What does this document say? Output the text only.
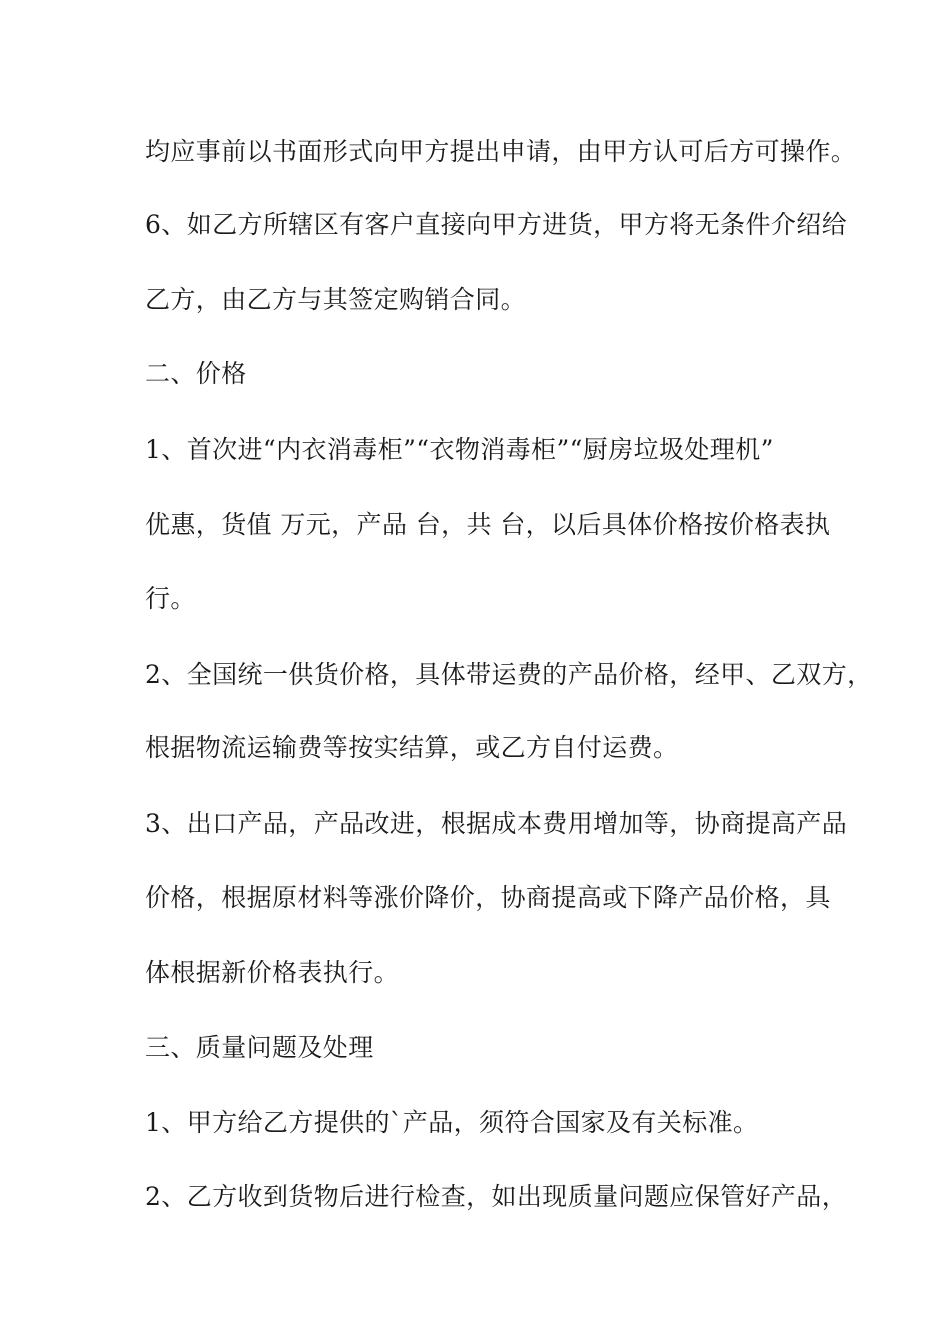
均应事前以书面形式向甲方提出申请，由甲方认可后方可操作。
6、如乙方所辖区有客户直接向甲方进货，甲方将无条件介绍给
乙方，由乙方与其签定购销合同。
二、价格
1、首次进“内衣消毒柜”“衣物消毒柜”“厨房垃圾处理机”
优惠，货值 万元，产品 台，共 台，以后具体价格按价格表执
行。
2、全国统一供货价格，具体带运费的产品价格，经甲、乙双方，
根据物流运输费等按实结算，或乙方自付运费。
3、出口产品，产品改进，根据成本费用增加等，协商提高产品
价格，根据原材料等涨价降价，协商提高或下降产品价格，具
体根据新价格表执行。
三、质量问题及处理
1、甲方给乙方提供的`产品，须符合国家及有关标准。
2、乙方收到货物后进行检查，如出现质量问题应保管好产品，
